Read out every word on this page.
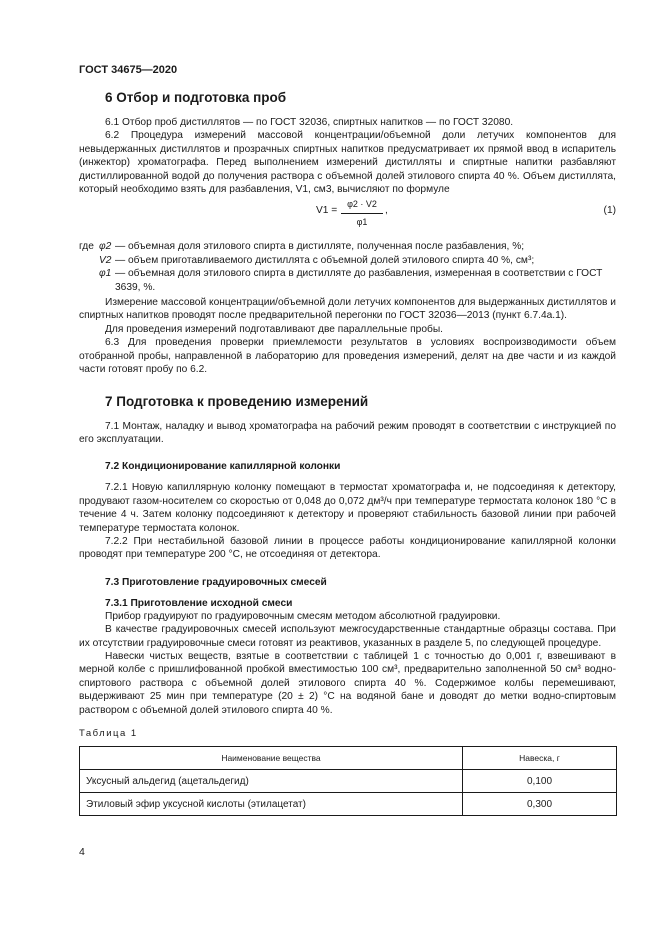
ГОСТ 34675—2020
6 Отбор и подготовка проб

6.1 Отбор проб дистиллятов — по ГОСТ 32036, спиртных напитков — по ГОСТ 32080.

6.2 Процедура измерений массовой концентрации/объемной доли летучих компонентов для невыдержанных дистиллятов и прозрачных спиртных напитков предусматривает их прямой ввод в испаритель (инжектор) хроматографа. Перед выполнением измерений дистилляты и спиртные напитки разбавляют дистиллированной водой до получения раствора с объемной долей этилового спирта 40 %. Объем дистиллята, который необходимо взять для разбавления, V1, см3, вычисляют по формуле

$V1 = \frac{\varphi 2 \cdot V2}{\varphi 1}$ ,	(1)
где φ2 — объемная доля этилового спирта в дистилляте, полученная после разбавления, %;
V2 — объем приготавливаемого дистиллята с объемной долей этилового спирта 40 %, см³;
φ1 — объемная доля этилового спирта в дистилляте до разбавления, измеренная в соответствии с ГОСТ 3639, %.

Измерение массовой концентрации/объемной доли летучих компонентов для выдержанных дистиллятов и спиртных напитков проводят после предварительной перегонки по ГОСТ 32036—2013 (пункт 6.7.4а.1).

Для проведения измерений подготавливают две параллельные пробы.

6.3 Для проведения проверки приемлемости результатов в условиях воспроизводимости объем отобранной пробы, направленной в лабораторию для проведения измерений, делят на две части и из каждой части готовят пробу по 6.2.

7 Подготовка к проведению измерений

7.1 Монтаж, наладку и вывод хроматографа на рабочий режим проводят в соответствии с инструкцией по его эксплуатации.

7.2 Кондиционирование капиллярной колонки

7.2.1 Новую капиллярную колонку помещают в термостат хроматографа и, не подсоединяя к детектору, продувают газом-носителем со скоростью от 0,048 до 0,072 дм³/ч при температуре термостата колонок 180 °С в течение 4 ч. Затем колонку подсоединяют к детектору и проверяют стабильность базовой линии при рабочей температуре термостата колонок.

7.2.2 При нестабильной базовой линии в процессе работы кондиционирование капиллярной колонки проводят при температуре 200 °С, не отсоединяя от детектора.

7.3 Приготовление градуировочных смесей
7.3.1 Приготовление исходной смеси

Прибор градуируют по градуировочным смесям методом абсолютной градуировки.

В качестве градуировочных смесей используют межгосударственные стандартные образцы состава. При их отсутствии градуировочные смеси готовят из реактивов, указанных в разделе 5, по следующей процедуре.

Навески чистых веществ, взятые в соответствии с таблицей 1 с точностью до 0,001 г, взвешивают в мерной колбе с пришлифованной пробкой вместимостью 100 см³, предварительно заполненной 50 см³ водно-спиртового раствора с объемной долей этилового спирта 40 %. Содержимое колбы перемешивают, выдерживают 25 мин при температуре (20 ± 2) °С на водяной бане и доводят до метки водно-спиртовым раствором с объемной долей этилового спирта 40 %.

Таблица 1
Наименование вещества	Навеска, г
Уксусный альдегид (ацетальдегид)	0,100
Этиловый эфир уксусной кислоты (этилацетат)	0,300
4
